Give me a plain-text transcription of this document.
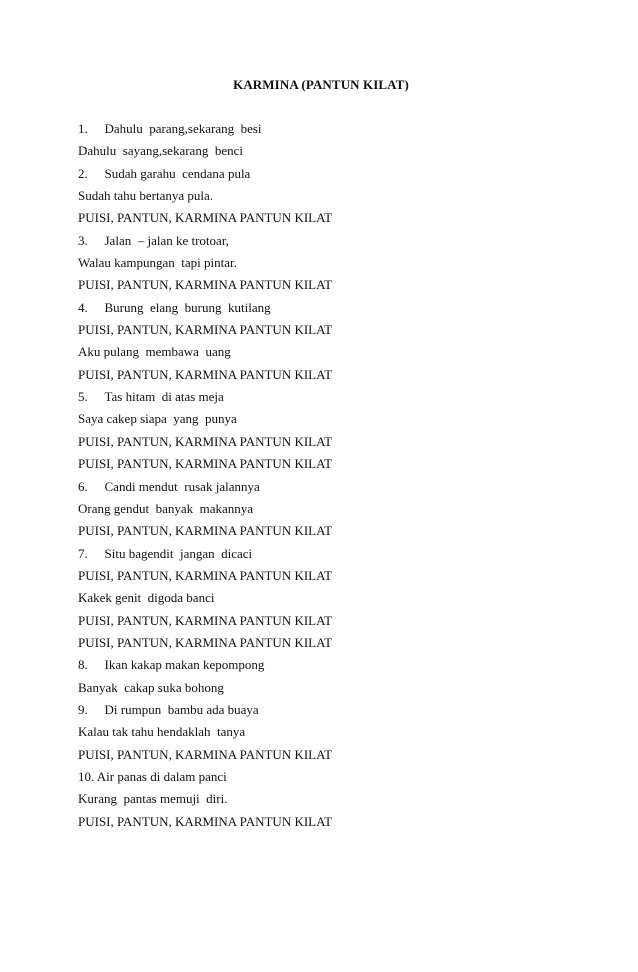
KARMINA (PANTUN KILAT)
1. Dahulu  parang,sekarang  besi
Dahulu  sayang,sekarang  benci
2. Sudah garahu  cendana pula
Sudah tahu bertanya pula.
PUISI, PANTUN, KARMINA PANTUN KILAT
3. Jalan  – jalan ke trotoar,
Walau kampungan  tapi pintar.
PUISI, PANTUN, KARMINA PANTUN KILAT
4. Burung  elang  burung  kutilang
PUISI, PANTUN, KARMINA PANTUN KILAT
Aku pulang  membawa  uang
PUISI, PANTUN, KARMINA PANTUN KILAT
5. Tas hitam  di atas meja
Saya cakep siapa  yang  punya
PUISI, PANTUN, KARMINA PANTUN KILAT
PUISI, PANTUN, KARMINA PANTUN KILAT
6. Candi mendut  rusak jalannya
Orang gendut  banyak  makannya
PUISI, PANTUN, KARMINA PANTUN KILAT
7. Situ bagendit  jangan  dicaci
PUISI, PANTUN, KARMINA PANTUN KILAT
Kakek genit  digoda banci
PUISI, PANTUN, KARMINA PANTUN KILAT
PUISI, PANTUN, KARMINA PANTUN KILAT
8. Ikan kakap makan kepompong
Banyak  cakap suka bohong
9. Di rumpun  bambu ada buaya
Kalau tak tahu hendaklah  tanya
PUISI, PANTUN, KARMINA PANTUN KILAT
10. Air panas di dalam panci
Kurang  pantas memuji  diri.
PUISI, PANTUN, KARMINA PANTUN KILAT
